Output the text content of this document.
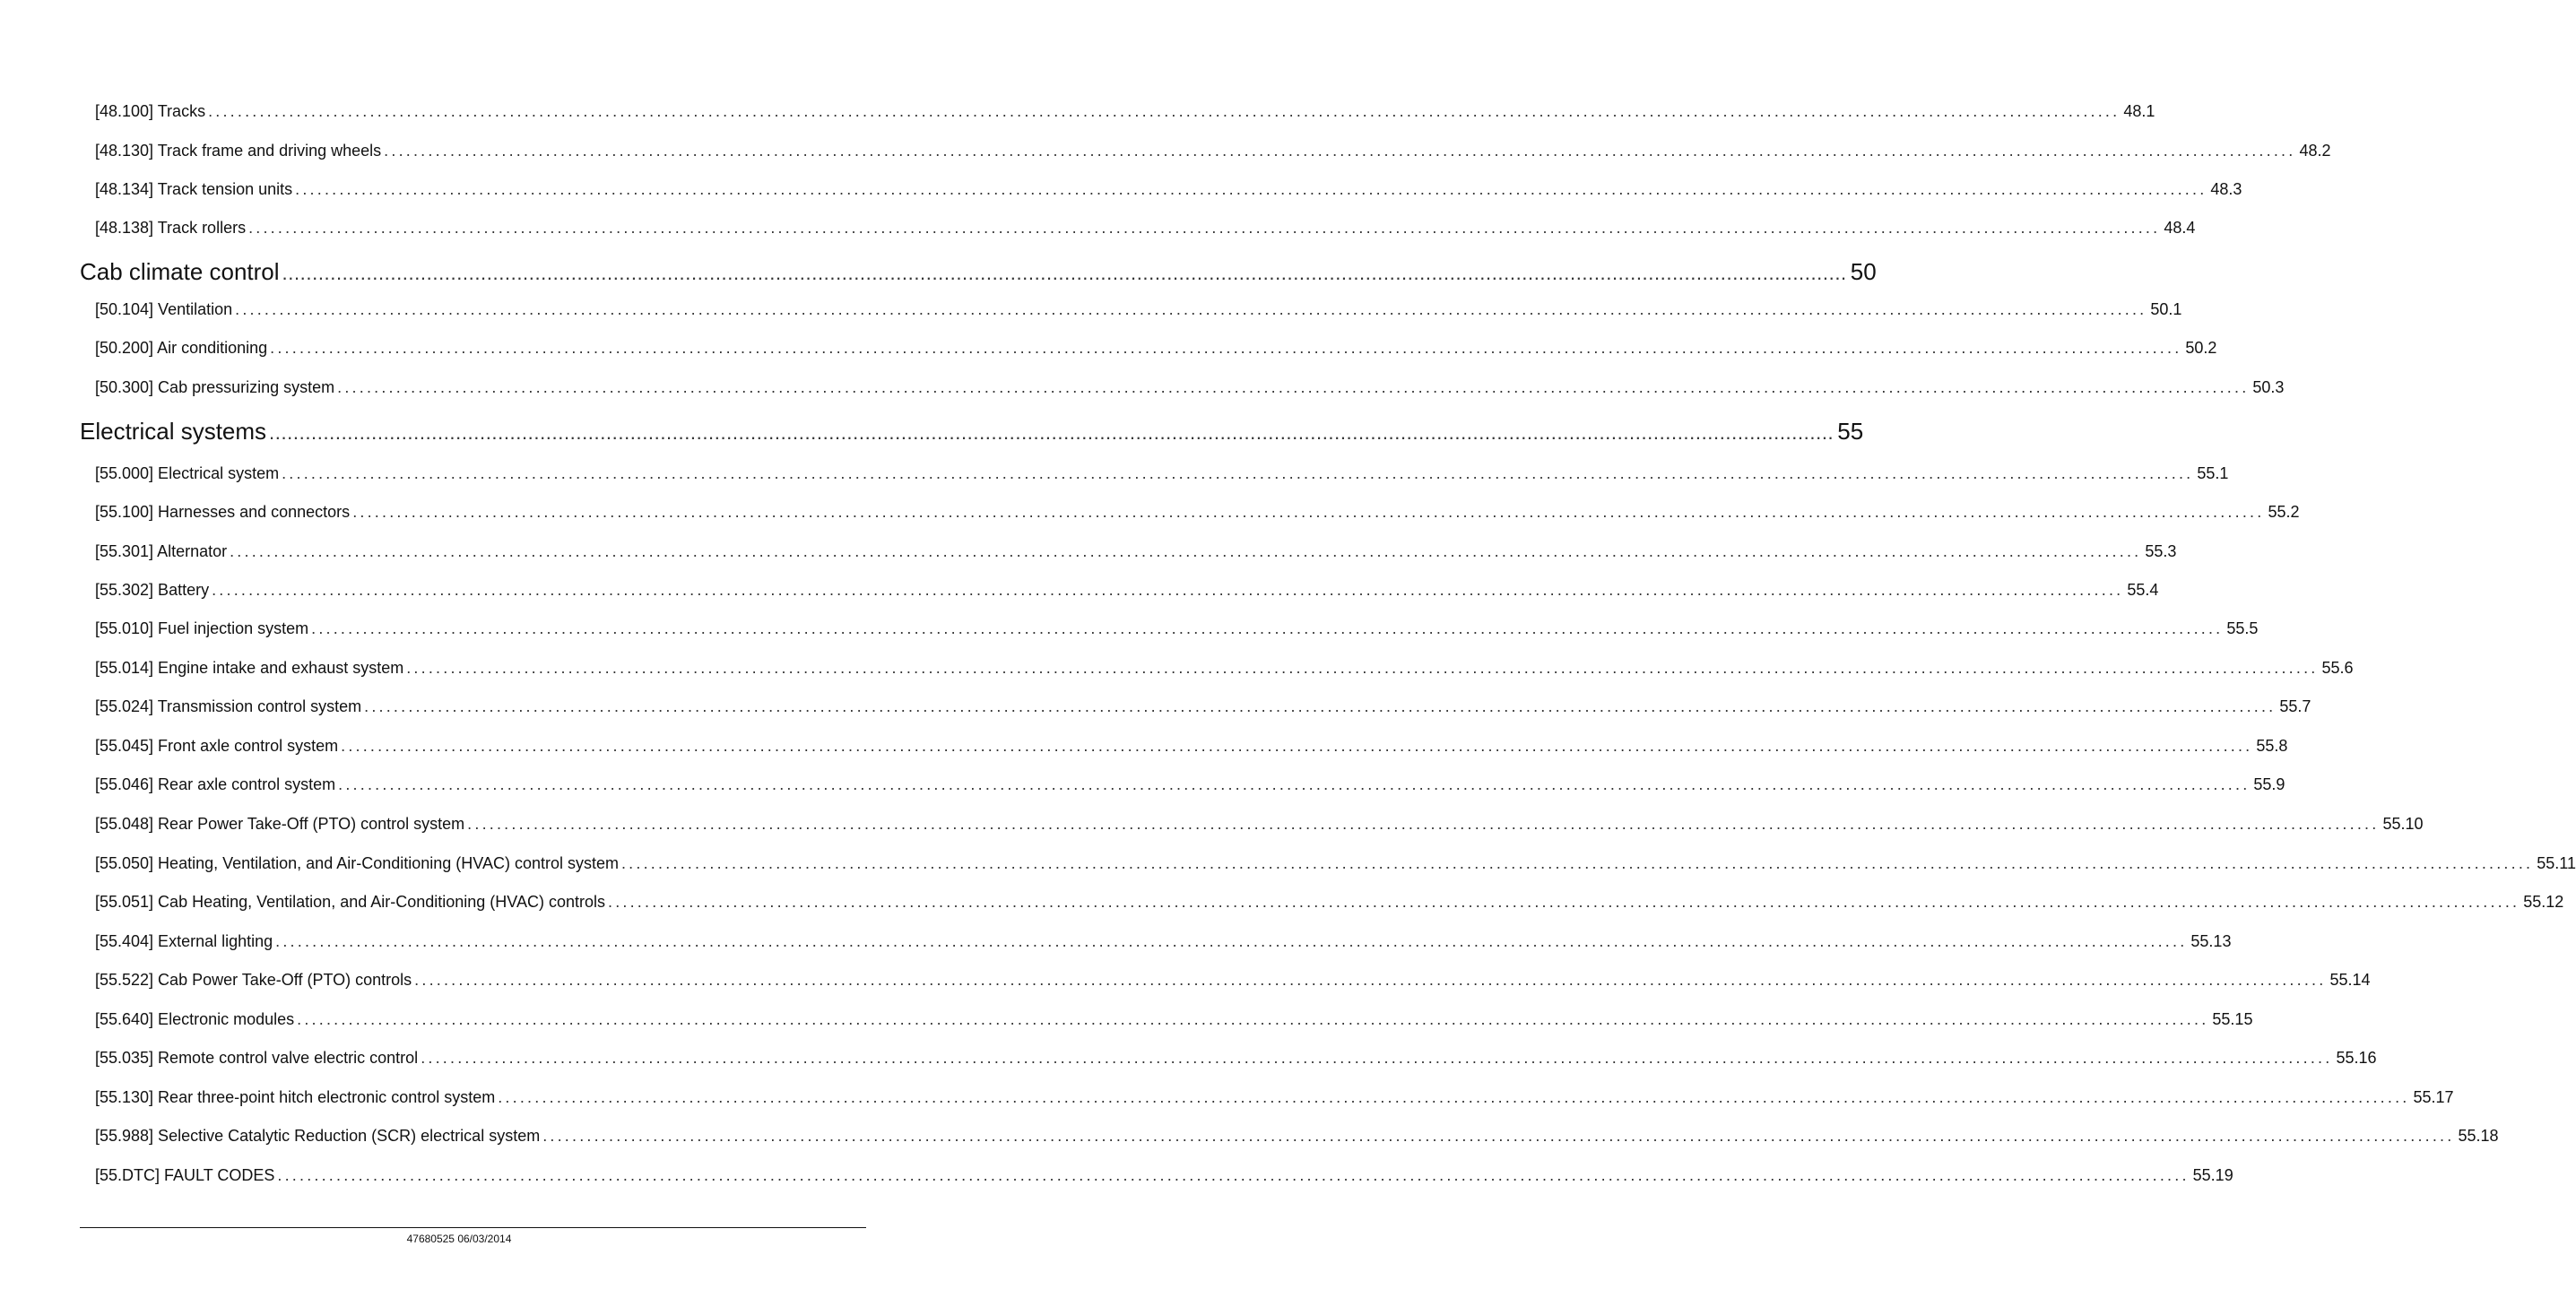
[48.100] Tracks .................................................................................................................................................................................................................................................................... 48.1
[48.130] Track frame and driving wheels .................................................................................................................................................................................................................................................................... 48.2
[48.134] Track tension units .................................................................................................................................................................................................................................................................... 48.3
[48.138] Track rollers .................................................................................................................................................................................................................................................................... 48.4
Cab climate control .................................................................................................................................................................................................................................................................... 50
[50.104] Ventilation .................................................................................................................................................................................................................................................................... 50.1
[50.200] Air conditioning .................................................................................................................................................................................................................................................................... 50.2
[50.300] Cab pressurizing system .................................................................................................................................................................................................................................................................... 50.3
Electrical systems .................................................................................................................................................................................................................................................................... 55
[55.000] Electrical system .................................................................................................................................................................................................................................................................... 55.1
[55.100] Harnesses and connectors .................................................................................................................................................................................................................................................................... 55.2
[55.301] Alternator .................................................................................................................................................................................................................................................................... 55.3
[55.302] Battery .................................................................................................................................................................................................................................................................... 55.4
[55.010] Fuel injection system .................................................................................................................................................................................................................................................................... 55.5
[55.014] Engine intake and exhaust system .................................................................................................................................................................................................................................................................... 55.6
[55.024] Transmission control system .................................................................................................................................................................................................................................................................... 55.7
[55.045] Front axle control system .................................................................................................................................................................................................................................................................... 55.8
[55.046] Rear axle control system .................................................................................................................................................................................................................................................................... 55.9
[55.048] Rear Power Take-Off (PTO) control system .................................................................................................................................................................................................................................................................... 55.10
[55.050] Heating, Ventilation, and Air-Conditioning (HVAC) control system .................................................................................................................................................................................................................................................................... 55.11
[55.051] Cab Heating, Ventilation, and Air-Conditioning (HVAC) controls .................................................................................................................................................................................................................................................................... 55.12
[55.404] External lighting .................................................................................................................................................................................................................................................................... 55.13
[55.522] Cab Power Take-Off (PTO) controls .................................................................................................................................................................................................................................................................... 55.14
[55.640] Electronic modules .................................................................................................................................................................................................................................................................... 55.15
[55.035] Remote control valve electric control .................................................................................................................................................................................................................................................................... 55.16
[55.130] Rear three-point hitch electronic control system .................................................................................................................................................................................................................................................................... 55.17
[55.988] Selective Catalytic Reduction (SCR) electrical system .................................................................................................................................................................................................................................................................... 55.18
[55.DTC] FAULT CODES .................................................................................................................................................................................................................................................................... 55.19
47680525 06/03/2014
